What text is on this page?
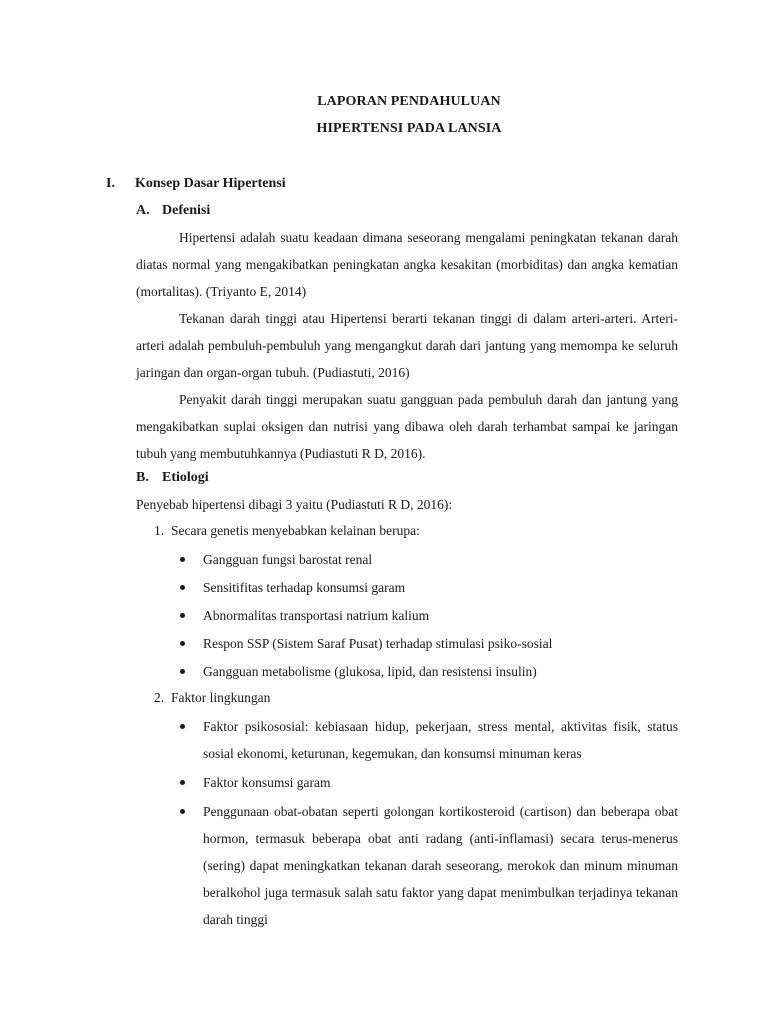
LAPORAN PENDAHULUAN
HIPERTENSI PADA LANSIA
I. Konsep Dasar Hipertensi
A. Defenisi

Hipertensi adalah suatu keadaan dimana seseorang mengalami peningkatan tekanan darah diatas normal yang mengakibatkan peningkatan angka kesakitan (morbiditas) dan angka kematian (mortalitas). (Triyanto E, 2014)

Tekanan darah tinggi atau Hipertensi berarti tekanan tinggi di dalam arteri-arteri. Arteri-arteri adalah pembuluh-pembuluh yang mengangkut darah dari jantung yang memompa ke seluruh jaringan dan organ-organ tubuh. (Pudiastuti, 2016)

Penyakit darah tinggi merupakan suatu gangguan pada pembuluh darah dan jantung yang mengakibatkan suplai oksigen dan nutrisi yang dibawa oleh darah terhambat sampai ke jaringan tubuh yang membutuhkannya (Pudiastuti R D, 2016).

B. Etiologi

Penyebab hipertensi dibagi 3 yaitu (Pudiastuti R D, 2016):

1. Secara genetis menyebabkan kelainan berupa:

Gangguan fungsi barostat renal
Sensitifitas terhadap konsumsi garam
Abnormalitas transportasi natrium kalium
Respon SSP (Sistem Saraf Pusat) terhadap stimulasi psiko-sosial
Gangguan metabolisme (glukosa, lipid, dan resistensi insulin)

2. Faktor lingkungan

Faktor psikososial: kebiasaan hidup, pekerjaan, stress mental, aktivitas fisik, status sosial ekonomi, keturunan, kegemukan, dan konsumsi minuman keras
Faktor konsumsi garam
Penggunaan obat-obatan seperti golongan kortikosteroid (cartison) dan beberapa obat hormon, termasuk beberapa obat anti radang (anti-inflamasi) secara terus-menerus (sering) dapat meningkatkan tekanan darah seseorang, merokok dan minum minuman beralkohol juga termasuk salah satu faktor yang dapat menimbulkan terjadinya tekanan darah tinggi
